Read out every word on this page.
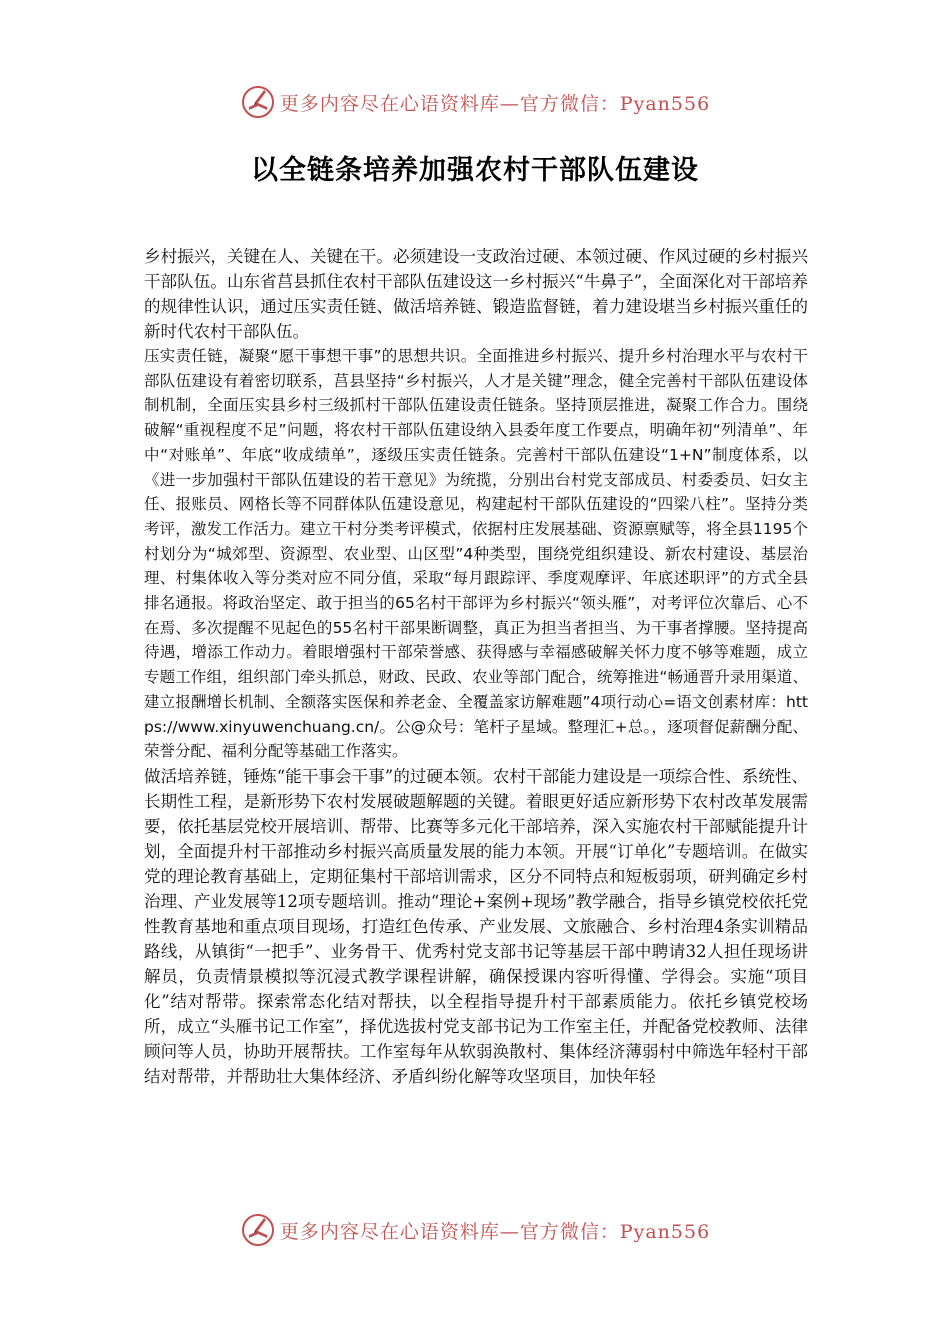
更多内容尽在心语资料库—官方微信：Pyan556
以全链条培养加强农村干部队伍建设

乡村振兴，关键在人、关键在干。必须建设一支政治过硬、本领过硬、作风过硬的乡村振兴干部队伍。山东省莒县抓住农村干部队伍建设这一乡村振兴“牛鼻子”，全面深化对干部培养的规律性认识，通过压实责任链、做活培养链、锻造监督链，着力建设堪当乡村振兴重任的新时代农村干部队伍。

压实责任链，凝聚“愿干事想干事”的思想共识。全面推进乡村振兴、提升乡村治理水平与农村干部队伍建设有着密切联系，莒县坚持“乡村振兴，人才是关键”理念，健全完善村干部队伍建设体制机制，全面压实县乡村三级抓村干部队伍建设责任链条。坚持顶层推进，凝聚工作合力。围绕破解“重视程度不足”问题，将农村干部队伍建设纳入县委年度工作要点，明确年初“列清单”、年中“对账单”、年底“收成绩单”，逐级压实责任链条。完善村干部队伍建设“1+N”制度体系，以《进一步加强村干部队伍建设的若干意见》为统揽，分别出台村党支部成员、村委委员、妇女主任、报账员、网格长等不同群体队伍建设意见，构建起村干部队伍建设的“四梁八柱”。坚持分类考评，激发工作活力。建立干村分类考评模式，依据村庄发展基础、资源禀赋等，将全县1195个村划分为“城郊型、资源型、农业型、山区型”4种类型，围绕党组织建设、新农村建设、基层治理、村集体收入等分类对应不同分值，采取“每月跟踪评、季度观摩评、年底述职评”的方式全县排名通报。将政治坚定、敢于担当的65名村干部评为乡村振兴“领头雁”，对考评位次靠后、心不在焉、多次提醒不见起色的55名村干部果断调整，真正为担当者担当、为干事者撑腰。坚持提高待遇，增添工作动力。着眼增强村干部荣誉感、获得感与幸福感破解关怀力度不够等难题，成立专题工作组，组织部门牵头抓总，财政、民政、农业等部门配合，统筹推进“畅通晋升录用渠道、建立报酬增长机制、全额落实医保和养老金、全覆盖家访解难题”4项行动心=语文创素材库：https://www.xinyuwenchuang.cn/。公@众号：笔杆子星域。整理汇+总。，逐项督促薪酬分配、荣誉分配、福利分配等基础工作落实。

做活培养链，锤炼“能干事会干事”的过硬本领。农村干部能力建设是一项综合性、系统性、长期性工程，是新形势下农村发展破题解题的关键。着眼更好适应新形势下农村改革发展需要，依托基层党校开展培训、帮带、比赛等多元化干部培养，深入实施农村干部赋能提升计划，全面提升村干部推动乡村振兴高质量发展的能力本领。开展“订单化”专题培训。在做实党的理论教育基础上，定期征集村干部培训需求，区分不同特点和短板弱项，研判确定乡村治理、产业发展等12项专题培训。推动“理论+案例+现场”教学融合，指导乡镇党校依托党性教育基地和重点项目现场，打造红色传承、产业发展、文旅融合、乡村治理4条实训精品路线，从镇街“一把手”、业务骨干、优秀村党支部书记等基层干部中聘请32人担任现场讲解员，负责情景模拟等沉浸式教学课程讲解，确保授课内容听得懂、学得会。实施“项目化”结对帮带。探索常态化结对帮扶，以全程指导提升村干部素质能力。依托乡镇党校场所，成立“头雁书记工作室”，择优选拔村党支部书记为工作室主任，并配备党校教师、法律顾问等人员，协助开展帮扶。工作室每年从软弱涣散村、集体经济薄弱村中筛选年轻村干部结对帮带，并帮助壮大集体经济、矛盾纠纷化解等攻坚项目，加快年轻

更多内容尽在心语资料库—官方微信：Pyan556
